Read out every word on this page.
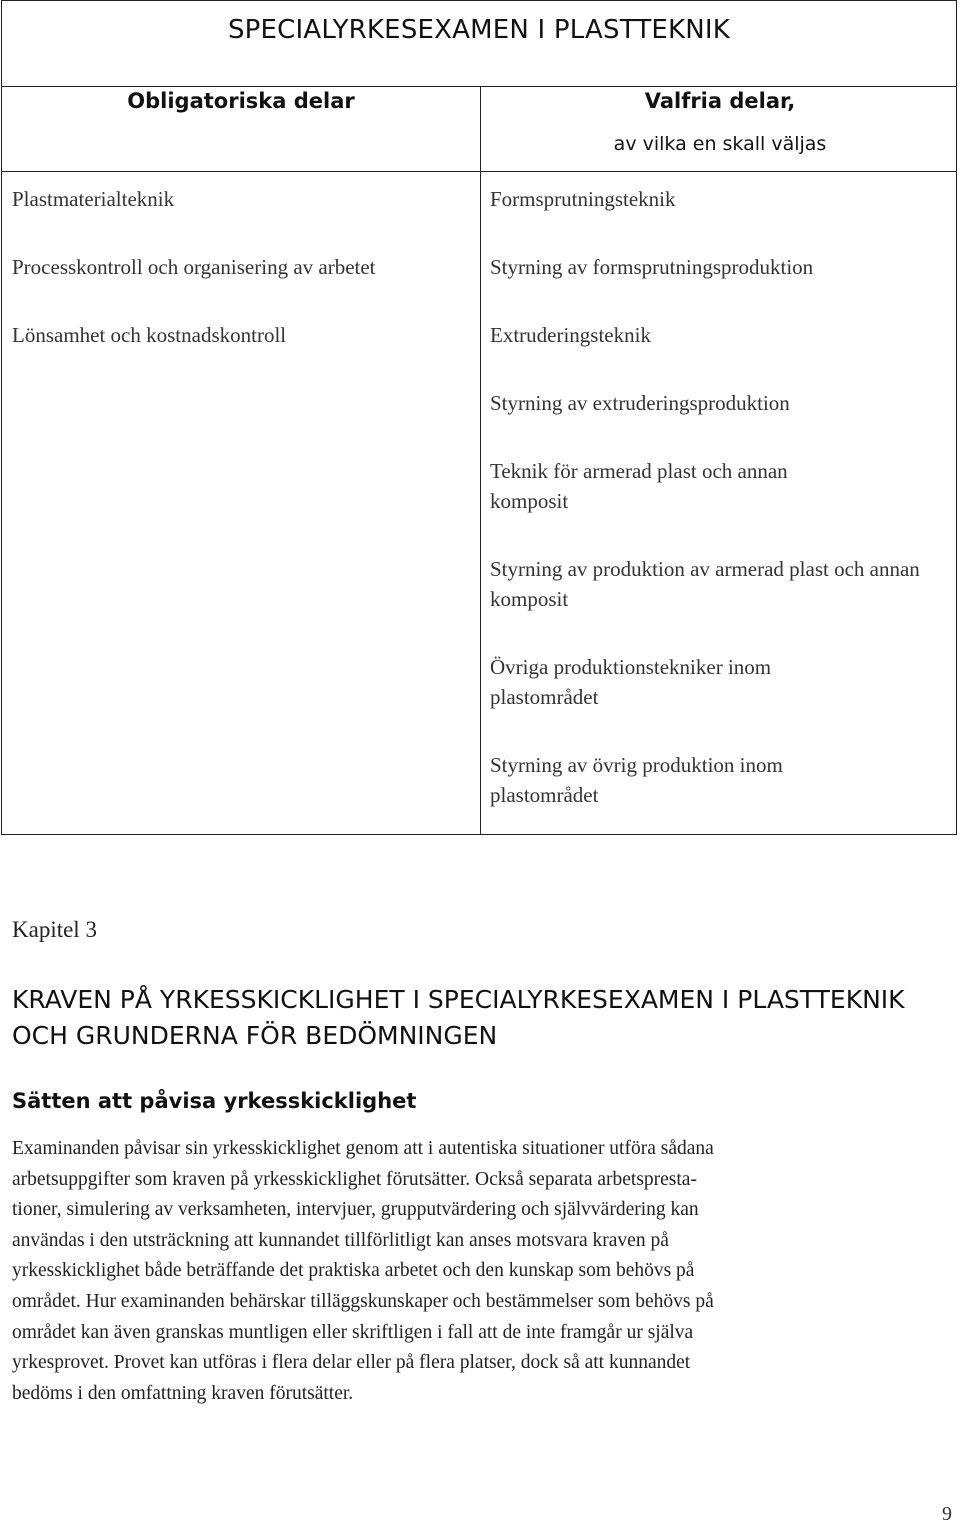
SPECIALYRKESEXAMEN I PLASTTEKNIK
Obligatoriska delar	Valfria delar,
av vilka en skall väljas
Plastmaterialteknik
Processkontroll och organisering av arbetet
Lönsamhet och kostnadskontroll
Formsprutningsteknik
Styrning av formsprutningsproduktion
Extruderingsteknik
Styrning av extruderingsproduktion
Teknik för armerad plast och annan komposit
Styrning av produktion av armerad plast och annan komposit
Övriga produktionstekniker inom plastområdet
Styrning av övrig produktion inom plastområdet
Kapitel 3
KRAVEN PÅ YRKESSKICKLIGHET I SPECIALYRKESEXAMEN I PLASTTEKNIK OCH GRUNDERNA FÖR BEDÖMNINGEN
Sätten att påvisa yrkesskicklighet
Examinanden påvisar sin yrkesskicklighet genom att i autentiska situationer utföra sådana
arbetsuppgifter som kraven på yrkesskicklighet förutsätter. Också separata arbetspresta-
tioner, simulering av verksamheten, intervjuer, grupputvärdering och självvärdering kan
användas i den utsträckning att kunnandet tillförlitligt kan anses motsvara kraven på
yrkesskicklighet både beträffande det praktiska arbetet och den kunskap som behövs på
området. Hur examinanden behärskar tilläggskunskaper och bestämmelser som behövs på
området kan även granskas muntligen eller skriftligen i fall att de inte framgår ur själva
yrkesprovet. Provet kan utföras i flera delar eller på flera platser, dock så att kunnandet
bedöms i den omfattning kraven förutsätter.
9
